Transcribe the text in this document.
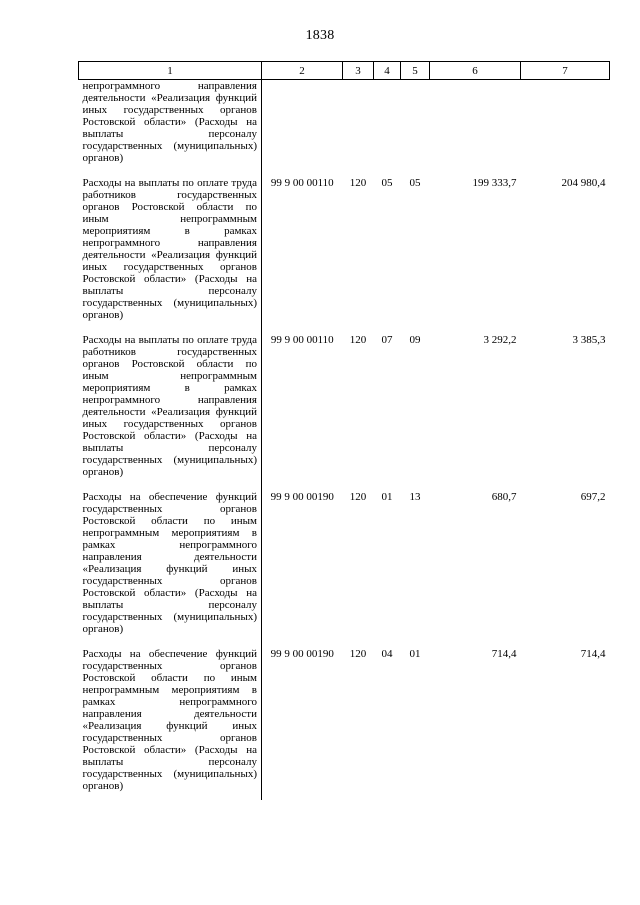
1838
1	2	3	4	5	6	7
непрограммного направления деятельности «Реализация функций иных государственных органов Ростовской области» (Расходы на выплаты персоналу государственных (муниципальных) органов)						
Расходы на выплаты по оплате труда работников государственных органов Ростовской области по иным непрограммным мероприятиям в рамках непрограммного направления деятельности «Реализация функций иных государственных органов Ростовской области» (Расходы на выплаты персоналу государственных (муниципальных) органов)	99 9 00 00110	120	05	05	199 333,7	204 980,4
Расходы на выплаты по оплате труда работников государственных органов Ростовской области по иным непрограммным мероприятиям в рамках непрограммного направления деятельности «Реализация функций иных государственных органов Ростовской области» (Расходы на выплаты персоналу государственных (муниципальных) органов)	99 9 00 00110	120	07	09	3 292,2	3 385,3
Расходы на обеспечение функций государственных органов Ростовской области по иным непрограммным мероприятиям в рамках непрограммного направления деятельности «Реализация функций иных государственных органов Ростовской области» (Расходы на выплаты персоналу государственных (муниципальных) органов)	99 9 00 00190	120	01	13	680,7	697,2
Расходы на обеспечение функций государственных органов Ростовской области по иным непрограммным мероприятиям в рамках непрограммного направления деятельности «Реализация функций иных государственных органов Ростовской области» (Расходы на выплаты персоналу государственных (муниципальных) органов)	99 9 00 00190	120	04	01	714,4	714,4
